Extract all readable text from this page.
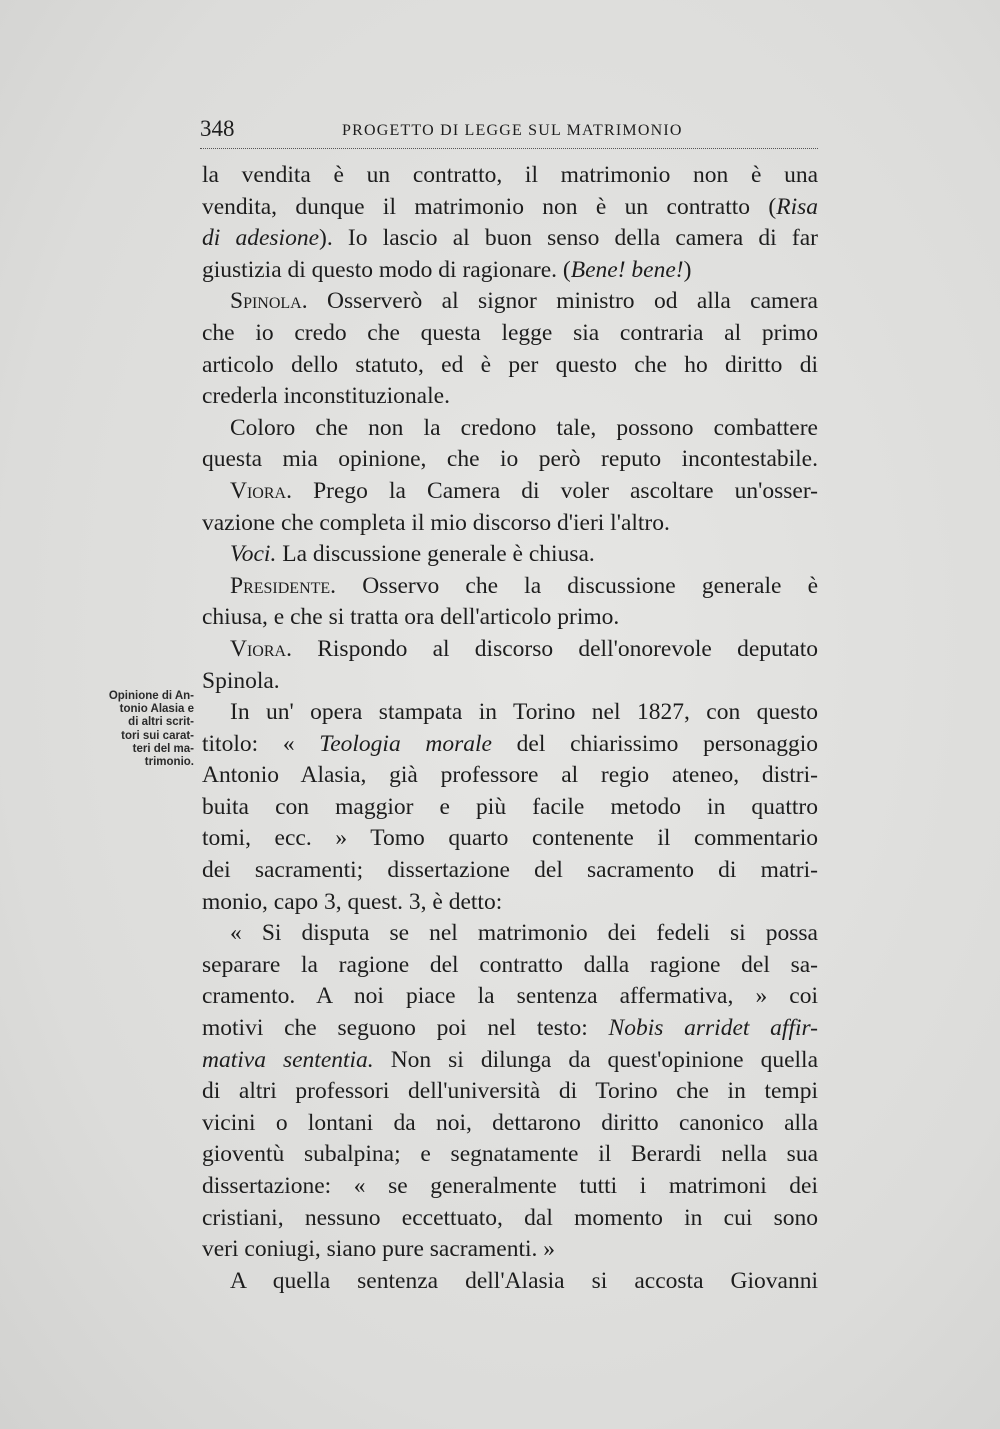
348	PROGETTO DI LEGGE SUL MATRIMONIO
Opinione di An-
tonio Alasia e
di altri scrit-
tori sui carat-
teri del ma-
trimonio.
la vendita è un contratto, il matrimonio non è una
vendita, dunque il matrimonio non è un contratto (Risa
di adesione). Io lascio al buon senso della camera di far
giustizia di questo modo di ragionare. (Bene! bene!)
Spinola. Osserverò al signor ministro od alla camera
che io credo che questa legge sia contraria al primo
articolo dello statuto, ed è per questo che ho diritto di
crederla inconstituzionale.
Coloro che non la credono tale, possono combattere
questa mia opinione, che io però reputo incontestabile.
Viora. Prego la Camera di voler ascoltare un'osser-
vazione che completa il mio discorso d'ieri l'altro.
Voci. La discussione generale è chiusa.
Presidente. Osservo che la discussione generale è
chiusa, e che si tratta ora dell'articolo primo.
Viora. Rispondo al discorso dell'onorevole deputato
Spinola.
In un' opera stampata in Torino nel 1827, con questo
titolo: « Teologia morale del chiarissimo personaggio
Antonio Alasia, già professore al regio ateneo, distri-
buita con maggior e più facile metodo in quattro
tomi, ecc. » Tomo quarto contenente il commentario
dei sacramenti; dissertazione del sacramento di matri-
monio, capo 3, quest. 3, è detto:
« Si disputa se nel matrimonio dei fedeli si possa
separare la ragione del contratto dalla ragione del sa-
cramento. A noi piace la sentenza affermativa, » coi
motivi che seguono poi nel testo: Nobis arridet affir-
mativa sententia. Non si dilunga da quest'opinione quella
di altri professori dell'università di Torino che in tempi
vicini o lontani da noi, dettarono diritto canonico alla
gioventù subalpina; e segnatamente il Berardi nella sua
dissertazione: « se generalmente tutti i matrimoni dei
cristiani, nessuno eccettuato, dal momento in cui sono
veri coniugi, siano pure sacramenti. »
A quella sentenza dell'Alasia si accosta Giovanni
